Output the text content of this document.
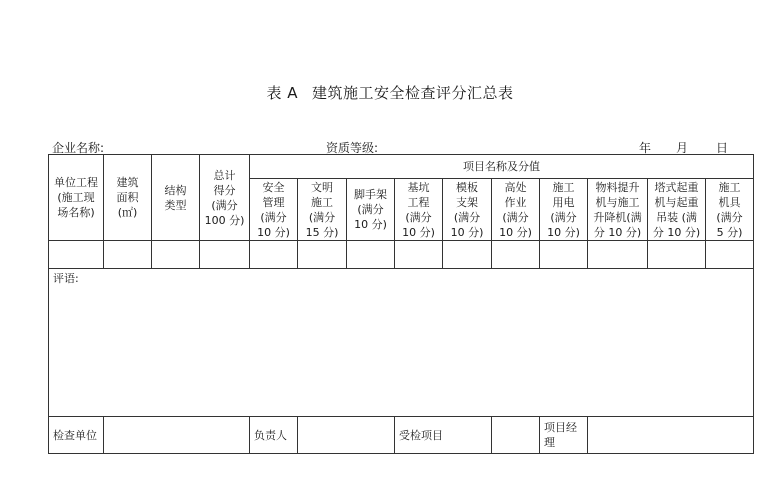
表 A 建筑施工安全检查评分汇总表
企业名称:	资质等级:	年 月 日
单位工程
(施工现
场名称)	建筑
面积
(㎡)	结构
类型	总计
得分
(满分
100 分)	项目名称及分值									

				安全
管理
(满分
10 分)	文明
施工
(满分
15 分)	脚手架
(满分
10 分)	基坑
工程
(满分
10 分)	模板
支架
(满分
10 分)	高处
作业
(满分
10 分)	施工
用电
(满分
10 分)	物料提升
机与施工
升降机(满
分 10 分)	塔式起重
机与起重
吊装 (满
分 10 分)	施工
机具
(满分
5 分)

评语:													
检查单位				负责人			受检项目			项目经理			
